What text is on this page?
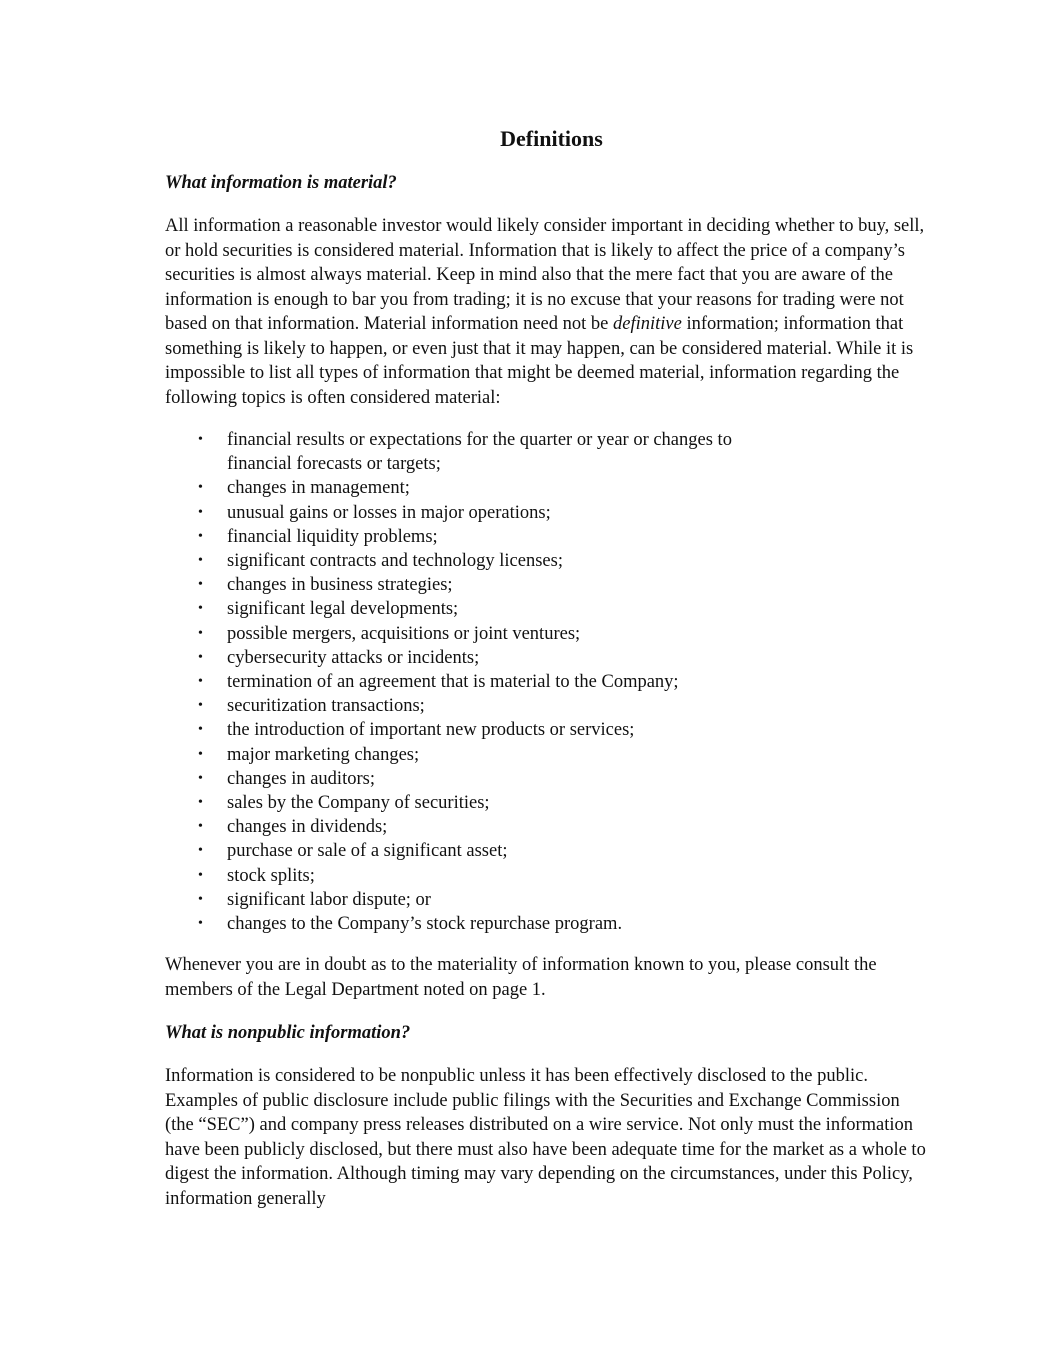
Definitions
What information is material?

All information a reasonable investor would likely consider important in deciding whether to buy, sell, or hold securities is considered material. Information that is likely to affect the price of a company’s securities is almost always material. Keep in mind also that the mere fact that you are aware of the information is enough to bar you from trading; it is no excuse that your reasons for trading were not based on that information. Material information need not be definitive information; information that something is likely to happen, or even just that it may happen, can be considered material. While it is impossible to list all types of information that might be deemed material, information regarding the following topics is often considered material:

• financial results or expectations for the quarter or year or changes to financial forecasts or targets;
• changes in management;
• unusual gains or losses in major operations;
• financial liquidity problems;
• significant contracts and technology licenses;
• changes in business strategies;
• significant legal developments;
• possible mergers, acquisitions or joint ventures;
• cybersecurity attacks or incidents;
• termination of an agreement that is material to the Company;
• securitization transactions;
• the introduction of important new products or services;
• major marketing changes;
• changes in auditors;
• sales by the Company of securities;
• changes in dividends;
• purchase or sale of a significant asset;
• stock splits;
• significant labor dispute; or
• changes to the Company’s stock repurchase program.

Whenever you are in doubt as to the materiality of information known to you, please consult the members of the Legal Department noted on page 1.

What is nonpublic information?

Information is considered to be nonpublic unless it has been effectively disclosed to the public. Examples of public disclosure include public filings with the Securities and Exchange Commission (the “SEC”) and company press releases distributed on a wire service. Not only must the information have been publicly disclosed, but there must also have been adequate time for the market as a whole to digest the information. Although timing may vary depending on the circumstances, under this Policy, information generally
